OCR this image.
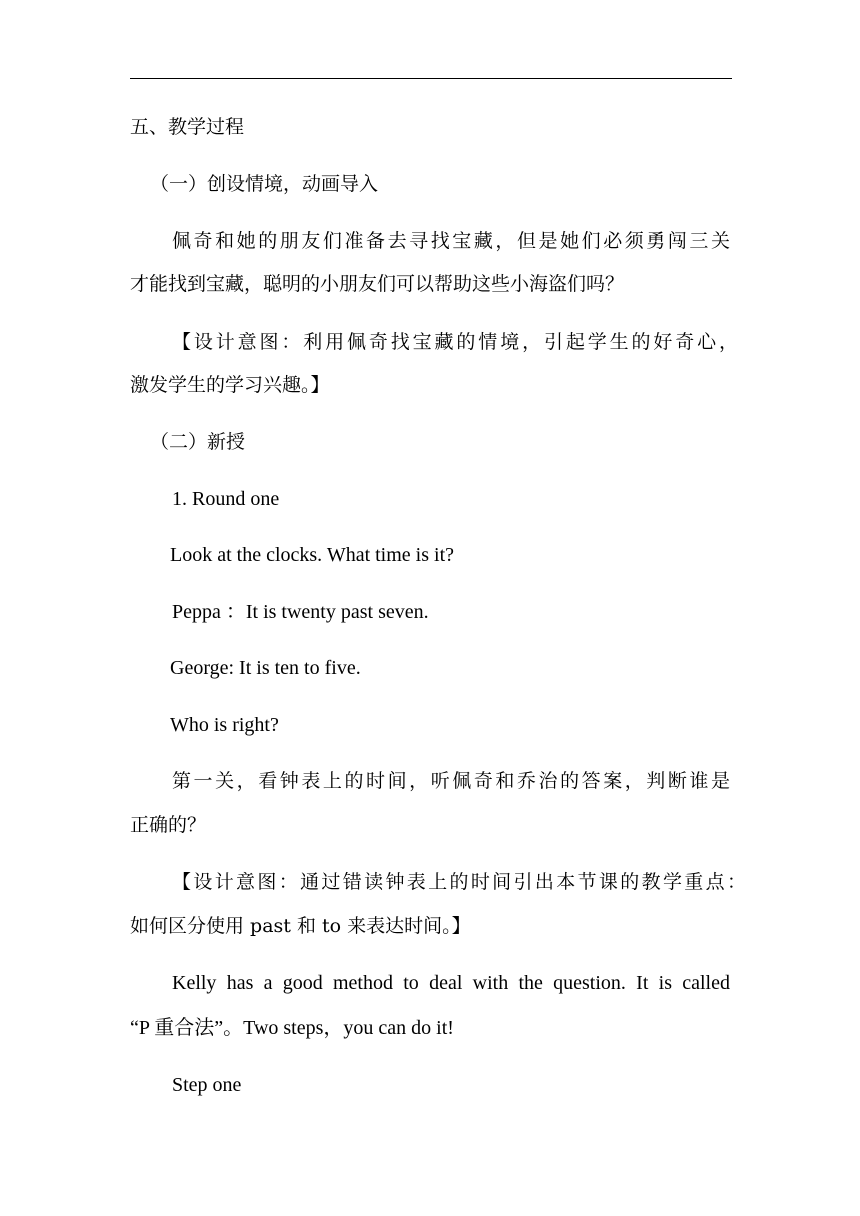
五、教学过程
（一）创设情境，动画导入
佩奇和她的朋友们准备去寻找宝藏，但是她们必须勇闯三关
才能找到宝藏，聪明的小朋友们可以帮助这些小海盗们吗？
【设计意图：利用佩奇找宝藏的情境，引起学生的好奇心，
激发学生的学习兴趣。】
（二）新授
1. Round one
Look at the clocks. What time is it?
Peppa ：It is twenty past seven.
George: It is ten to five.
Who is right?
第一关，看钟表上的时间，听佩奇和乔治的答案，判断谁是
正确的？
【设计意图：通过错读钟表上的时间引出本节课的教学重点：
如何区分使用 past 和 to 来表达时间。】
Kelly has a good method to deal with the question. It is called
“P 重合法”。Two steps，you can do it!
Step one
